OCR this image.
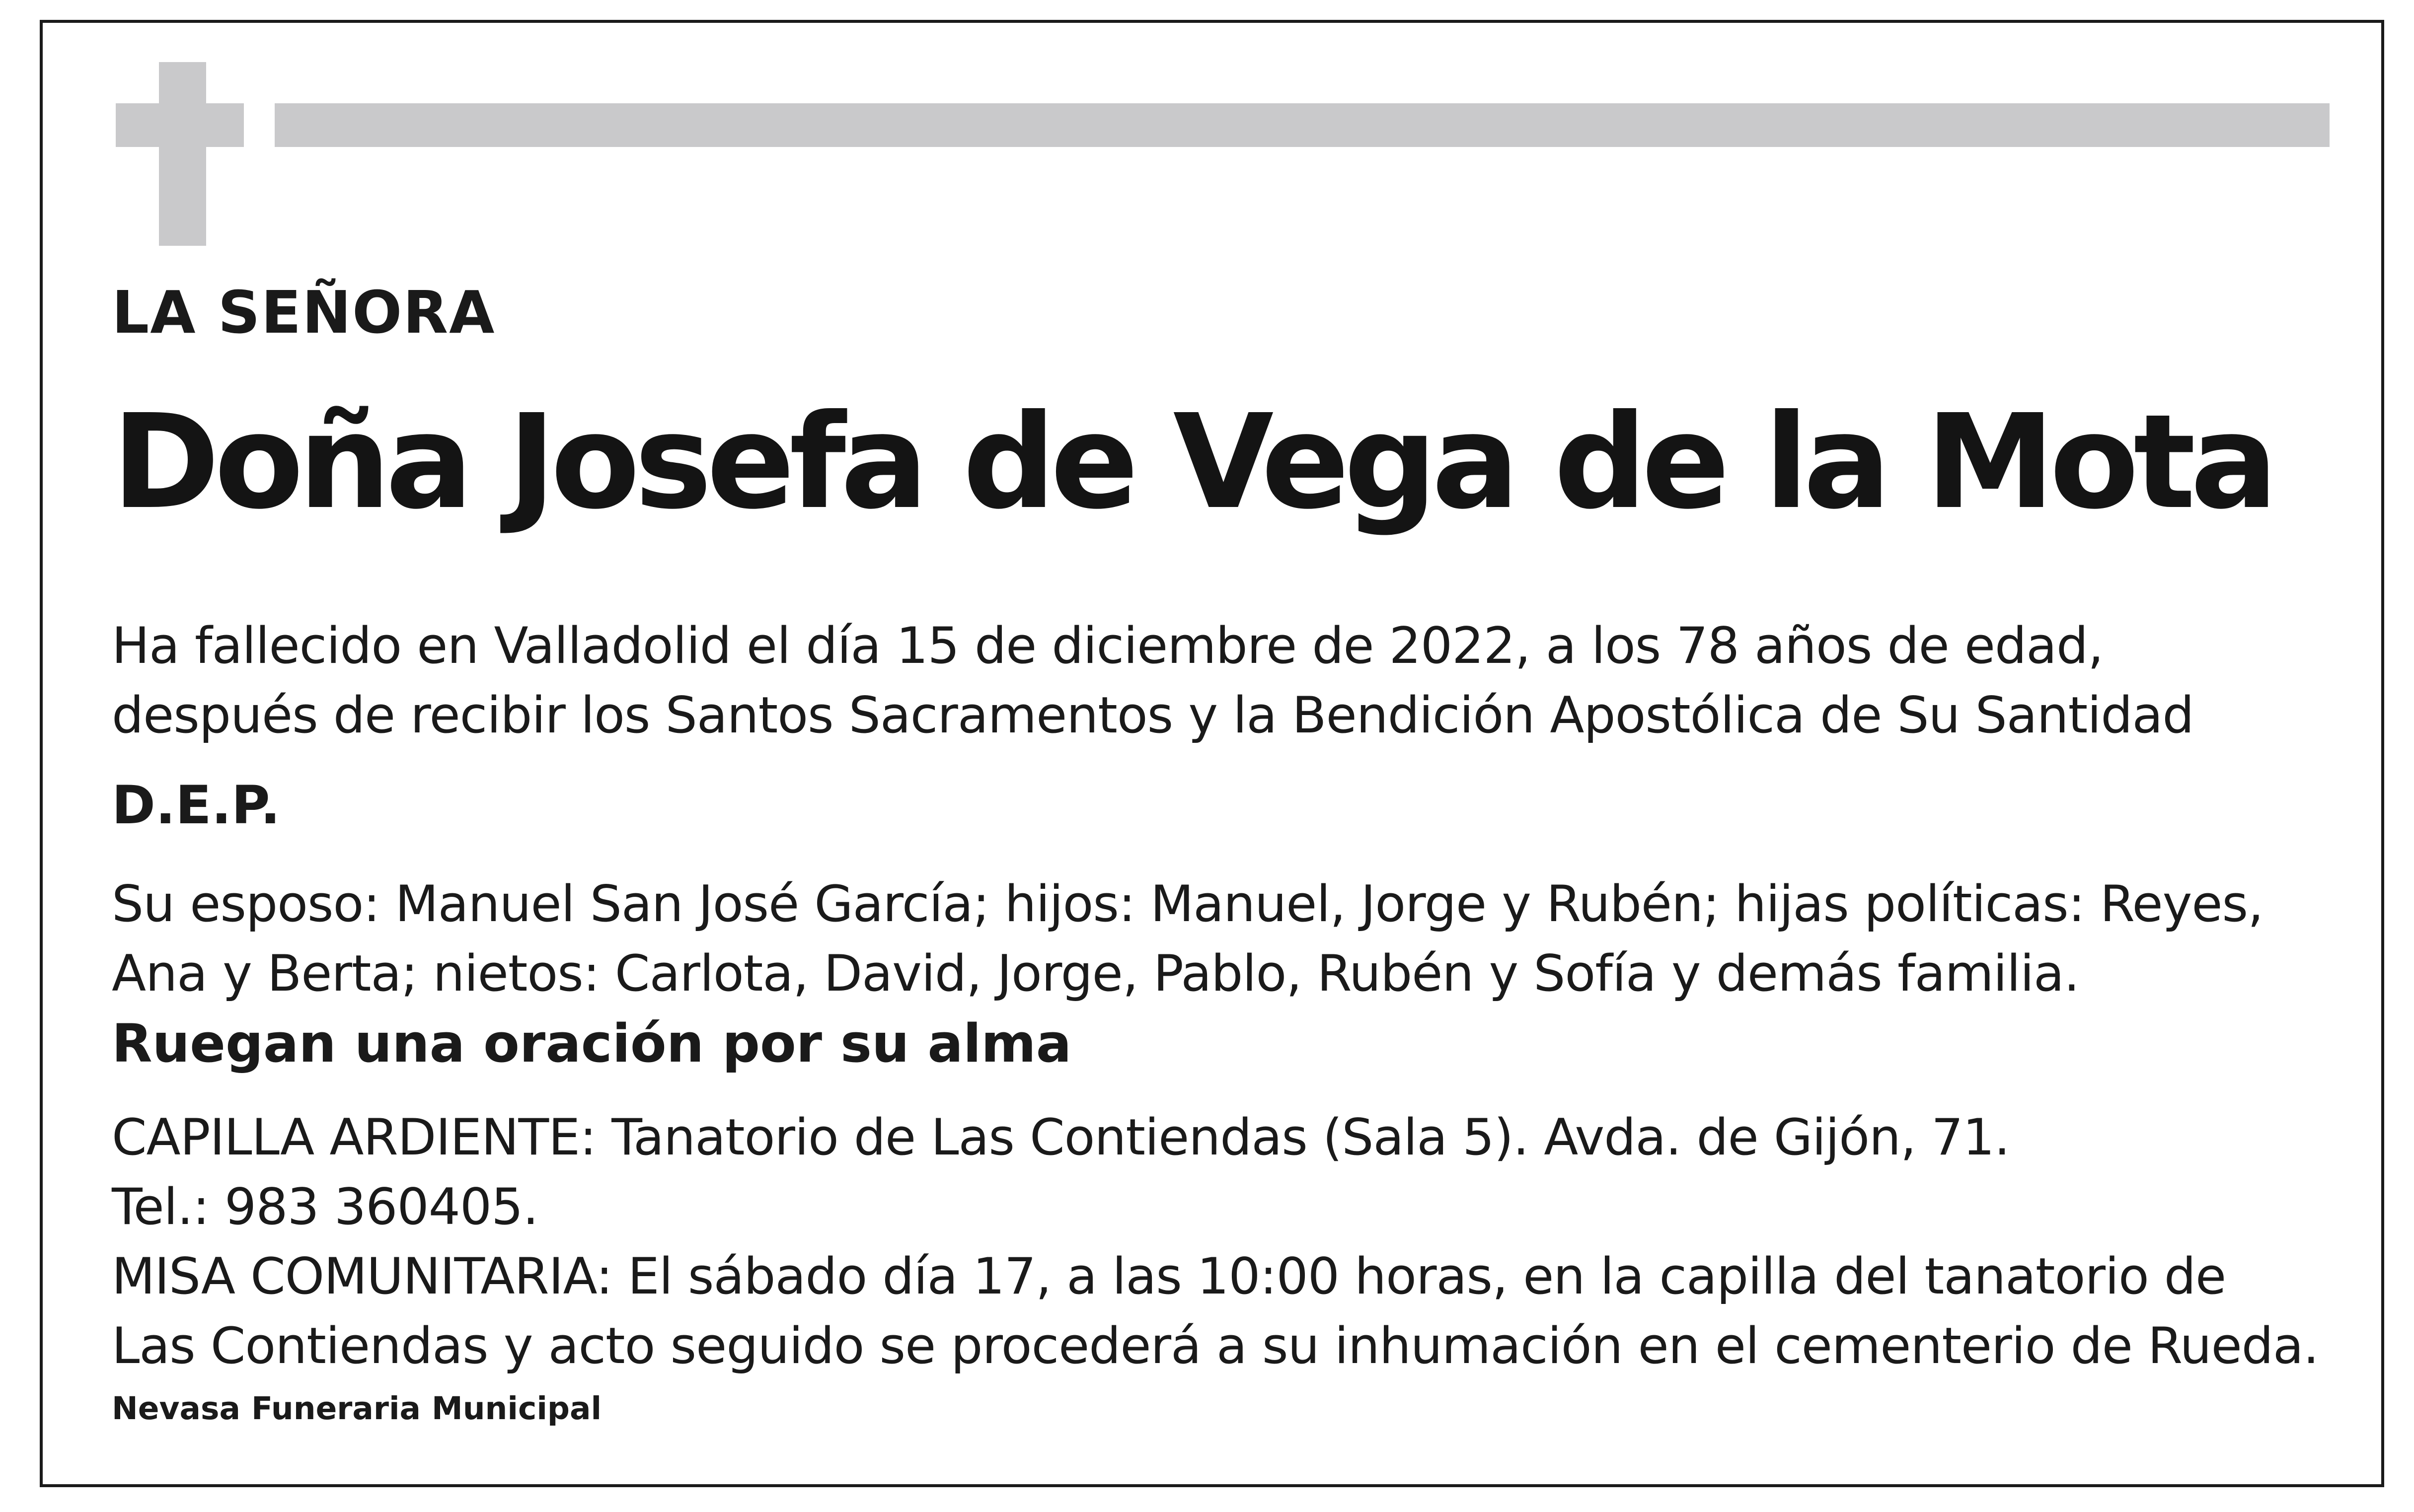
LA SEÑORA

Doña Josefa de Vega de la Mota

Ha fallecido en Valladolid el día 15 de diciembre de 2022, a los 78 años de edad,
después de recibir los Santos Sacramentos y la Bendición Apostólica de Su Santidad

D.E.P.

Su esposo: Manuel San José García; hijos: Manuel, Jorge y Rubén; hijas políticas: Reyes,
Ana y Berta; nietos: Carlota, David, Jorge, Pablo, Rubén y Sofía y demás familia.

Ruegan una oración por su alma

CAPILLA ARDIENTE: Tanatorio de Las Contiendas (Sala 5). Avda. de Gijón, 71.
Tel.: 983 360405.
MISA COMUNITARIA: El sábado día 17, a las 10:00 horas, en la capilla del tanatorio de
Las Contiendas y acto seguido se procederá a su inhumación en el cementerio de Rueda.

Nevasa Funeraria Municipal
